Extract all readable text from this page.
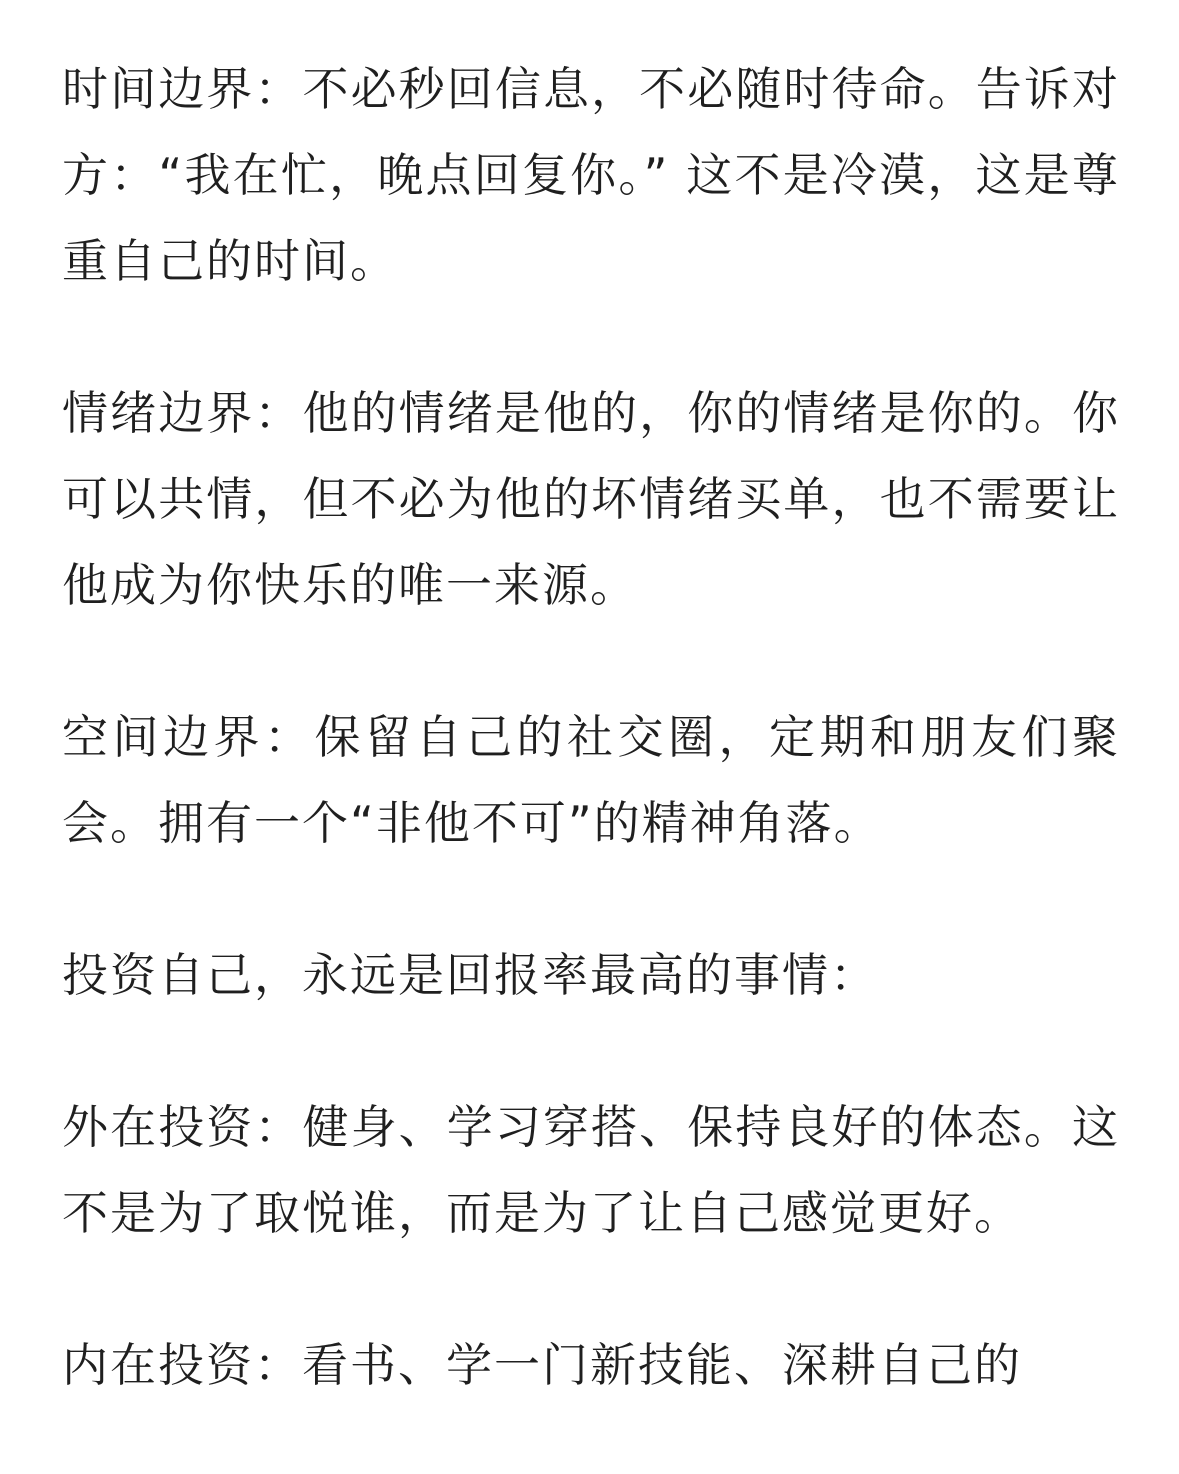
时间边界：不必秒回信息，不必随时待命。告诉对方：“我在忙，晚点回复你。” 这不是冷漠，这是尊重自己的时间。

情绪边界：他的情绪是他的，你的情绪是你的。你可以共情，但不必为他的坏情绪买单，也不需要让他成为你快乐的唯一来源。

空间边界：保留自己的社交圈，定期和朋友们聚会。拥有一个“非他不可”的精神角落。

投资自己，永远是回报率最高的事情：

外在投资：健身、学习穿搭、保持良好的体态。这不是为了取悦谁，而是为了让自己感觉更好。

内在投资：看书、学一门新技能、深耕自己的
